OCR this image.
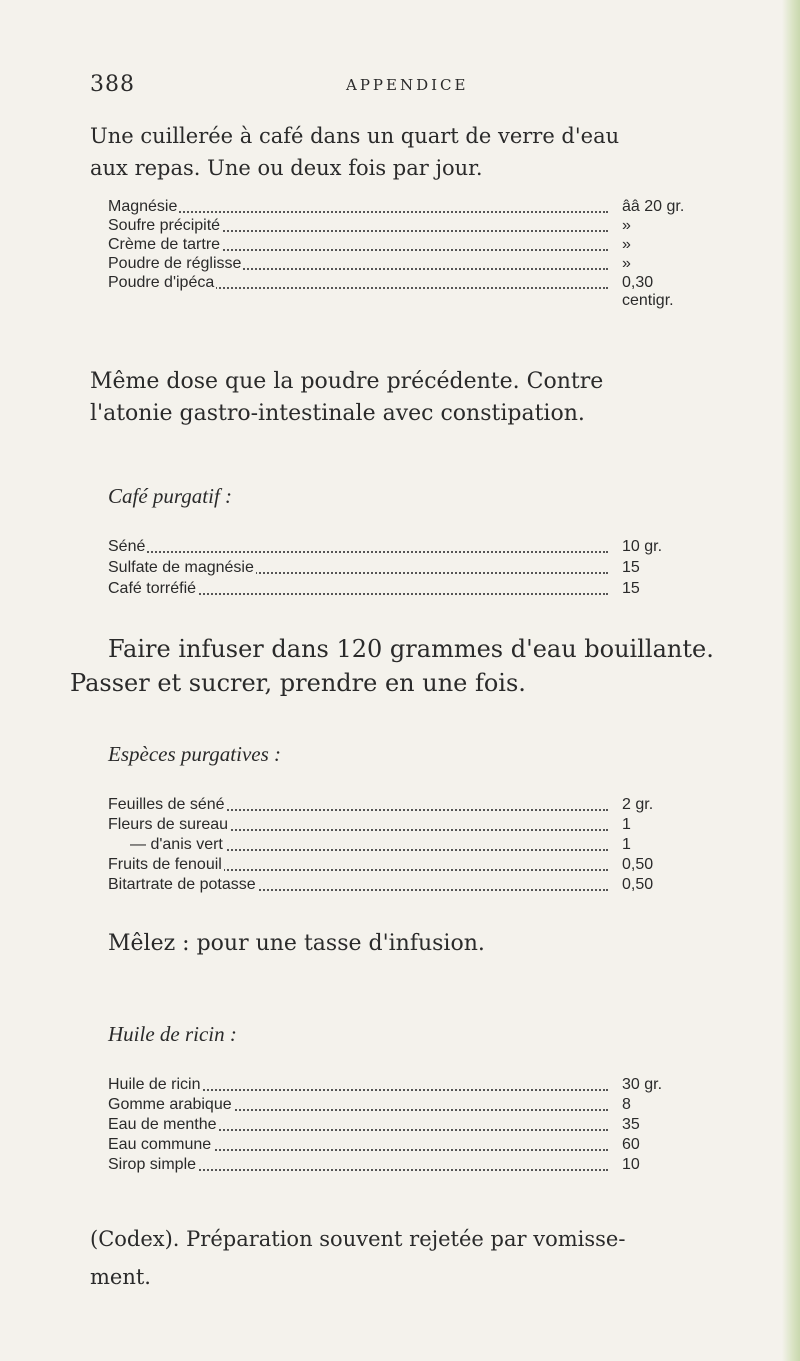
388	APPENDICE
Une cuillerée à café dans un quart de verre d'eau
aux repas. Une ou deux fois par jour.
Magnésie	ââ 20 gr.
Soufre précipité	»
Crème de tartre	»
Poudre de réglisse	»
Poudre d'ipéca	0,30 centigr.
Même dose que la poudre précédente. Contre
l'atonie gastro-intestinale avec constipation.
Café purgatif :
Séné	10 gr.
Sulfate de magnésie	15
Café torréfié	15
Faire infuser dans 120 grammes d'eau bouillante.
Passer et sucrer, prendre en une fois.
Espèces purgatives :
Feuilles de séné	2 gr.
Fleurs de sureau	1
— d'anis vert	1
Fruits de fenouil	0,50
Bitartrate de potasse	0,50
Mêlez : pour une tasse d'infusion.
Huile de ricin :
Huile de ricin	30 gr.
Gomme arabique	8
Eau de menthe	35
Eau commune	60
Sirop simple	10
(Codex). Préparation souvent rejetée par vomisse-
ment.
